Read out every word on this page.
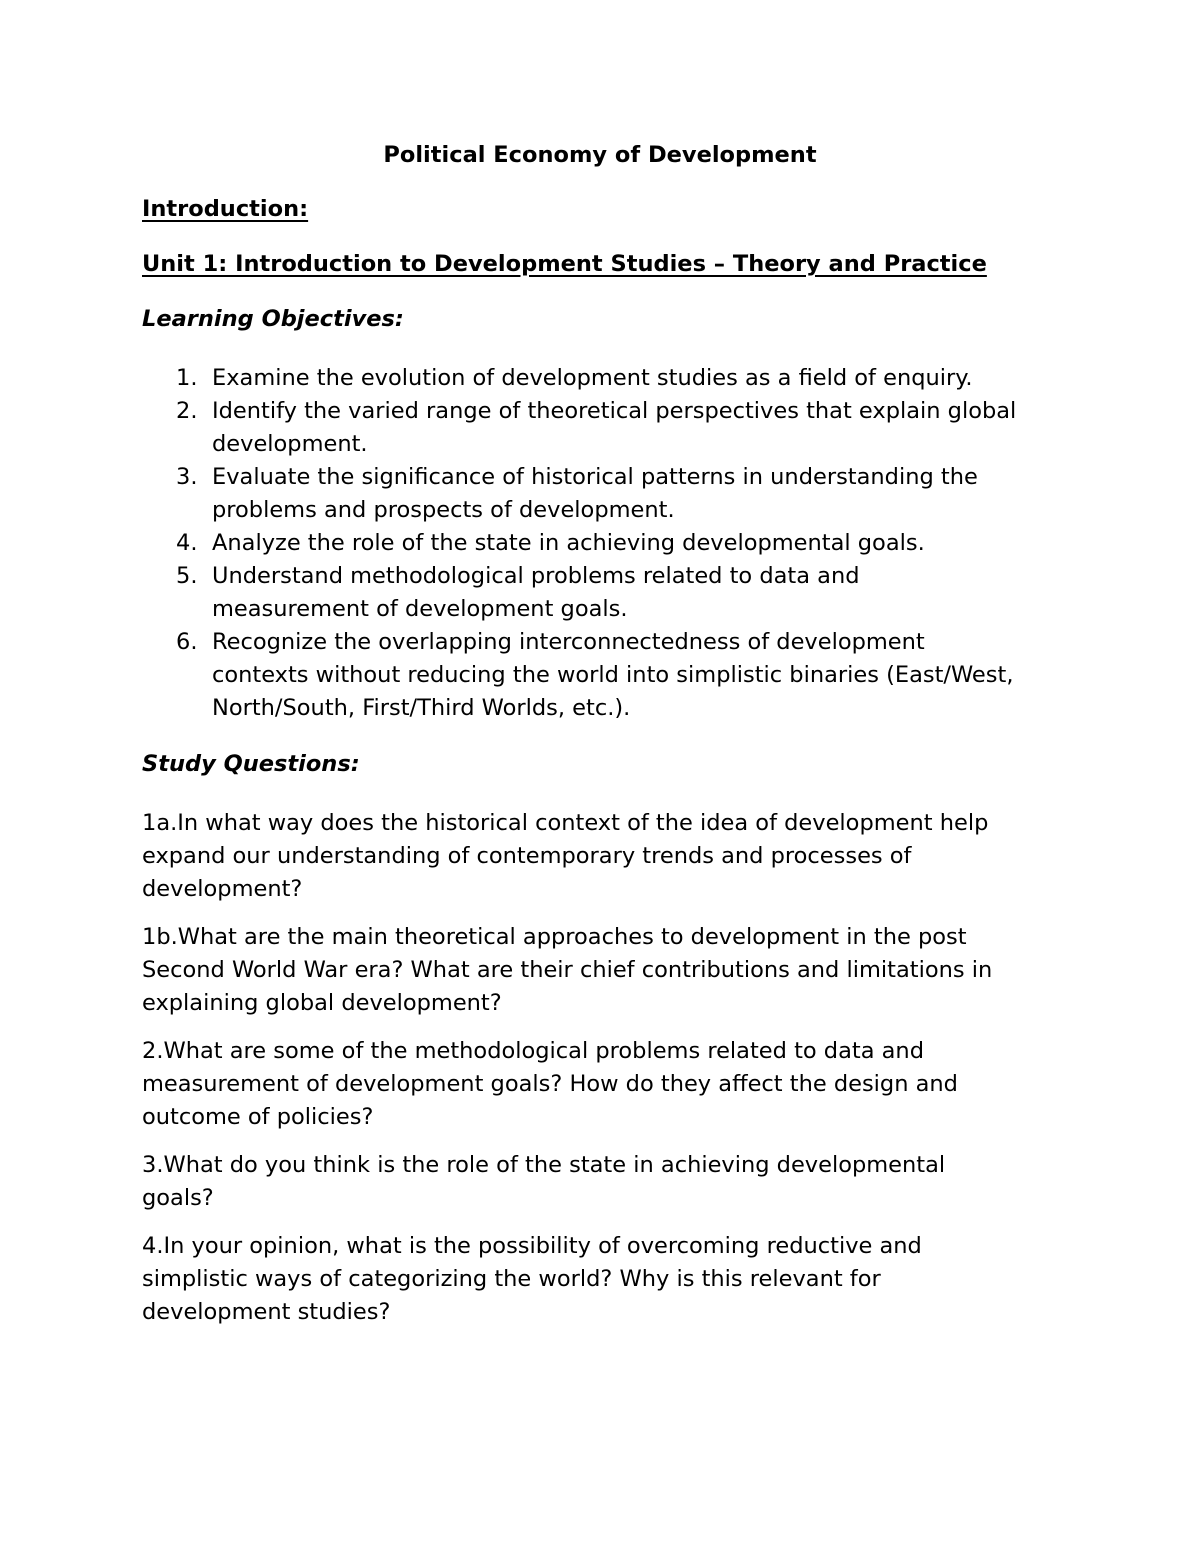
Political Economy of Development
Introduction:
Unit 1: Introduction to Development Studies – Theory and Practice
Learning Objectives:
1. Examine the evolution of development studies as a field of enquiry.
2. Identify the varied range of theoretical perspectives that explain global
development.
3. Evaluate the significance of historical patterns in understanding the
problems and prospects of development.
4. Analyze the role of the state in achieving developmental goals.
5. Understand methodological problems related to data and
measurement of development goals.
6. Recognize the overlapping interconnectedness of development
contexts without reducing the world into simplistic binaries (East/West,
North/South, First/Third Worlds, etc.).
Study Questions:

1a.In what way does the historical context of the idea of development help
expand our understanding of contemporary trends and processes of
development?

1b.What are the main theoretical approaches to development in the post
Second World War era? What are their chief contributions and limitations in
explaining global development?

2.What are some of the methodological problems related to data and
measurement of development goals? How do they affect the design and
outcome of policies?

3.What do you think is the role of the state in achieving developmental
goals?

4.In your opinion, what is the possibility of overcoming reductive and
simplistic ways of categorizing the world? Why is this relevant for
development studies?
